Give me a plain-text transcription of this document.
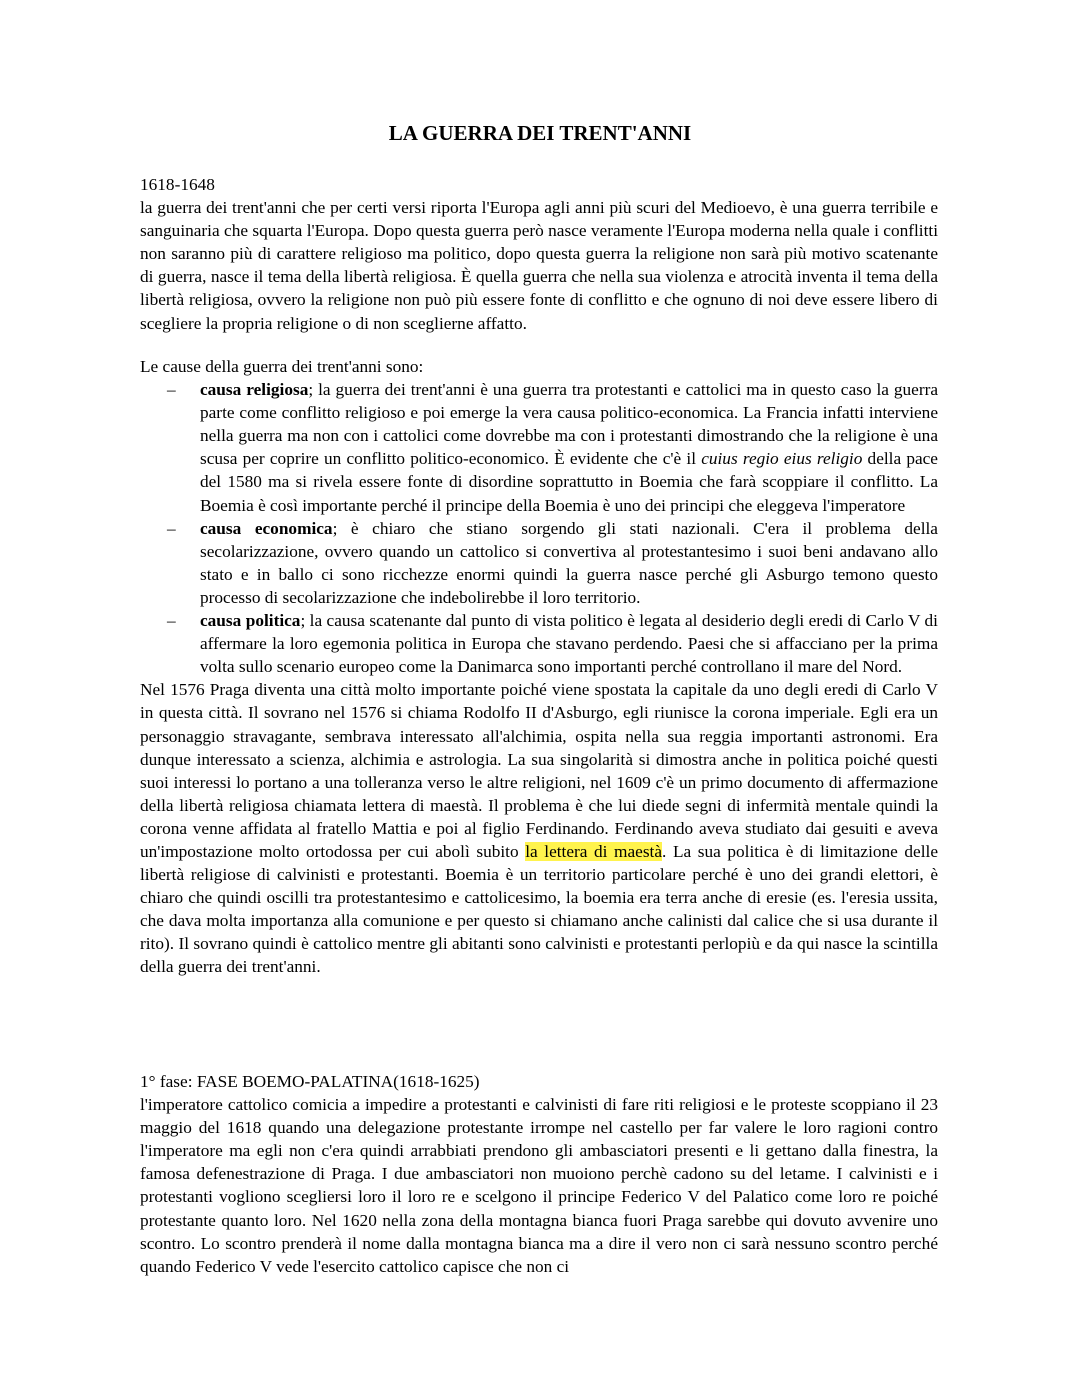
LA GUERRA DEI TRENT'ANNI

1618-1648

la guerra dei trent'anni che per certi versi riporta l'Europa agli anni più scuri del Medioevo, è una guerra terribile e sanguinaria che squarta l'Europa. Dopo questa guerra però nasce veramente l'Europa moderna nella quale i conflitti non saranno più di carattere religioso ma politico, dopo questa guerra la religione non sarà più motivo scatenante di guerra, nasce il tema della libertà religiosa. È quella guerra che nella sua violenza e atrocità inventa il tema della libertà religiosa, ovvero la religione non può più essere fonte di conflitto e che ognuno di noi deve essere libero di scegliere la propria religione o di non sceglierne affatto.

Le cause della guerra dei trent'anni sono:

– causa religiosa; la guerra dei trent'anni è una guerra tra protestanti e cattolici ma in questo caso la guerra parte come conflitto religioso e poi emerge la vera causa politico-economica. La Francia infatti interviene nella guerra ma non con i cattolici come dovrebbe ma con i protestanti dimostrando che la religione è una scusa per coprire un conflitto politico-economico. È evidente che c'è il cuius regio eius religio della pace del 1580 ma si rivela essere fonte di disordine soprattutto in Boemia che farà scoppiare il conflitto. La Boemia è così importante perché il principe della Boemia è uno dei principi che eleggeva l'imperatore
– causa economica; è chiaro che stiano sorgendo gli stati nazionali. C'era il problema della secolarizzazione, ovvero quando un cattolico si convertiva al protestantesimo i suoi beni andavano allo stato e in ballo ci sono ricchezze enormi quindi la guerra nasce perché gli Asburgo temono questo processo di secolarizzazione che indebolirebbe il loro territorio.
– causa politica; la causa scatenante dal punto di vista politico è legata al desiderio degli eredi di Carlo V di affermare la loro egemonia politica in Europa che stavano perdendo. Paesi che si affacciano per la prima volta sullo scenario europeo come la Danimarca sono importanti perché controllano il mare del Nord.

Nel 1576 Praga diventa una città molto importante poiché viene spostata la capitale da uno degli eredi di Carlo V in questa città. Il sovrano nel 1576 si chiama Rodolfo II d'Asburgo, egli riunisce la corona imperiale. Egli era un personaggio stravagante, sembrava interessato all'alchimia, ospita nella sua reggia importanti astronomi. Era dunque interessato a scienza, alchimia e astrologia. La sua singolarità si dimostra anche in politica poiché questi suoi interessi lo portano a una tolleranza verso le altre religioni, nel 1609 c'è un primo documento di affermazione della libertà religiosa chiamata lettera di maestà. Il problema è che lui diede segni di infermità mentale quindi la corona venne affidata al fratello Mattia e poi al figlio Ferdinando. Ferdinando aveva studiato dai gesuiti e aveva un'impostazione molto ortodossa per cui abolì subito la lettera di maestà. La sua politica è di limitazione delle libertà religiose di calvinisti e protestanti. Boemia è un territorio particolare perché è uno dei grandi elettori, è chiaro che quindi oscilli tra protestantesimo e cattolicesimo, la boemia era terra anche di eresie (es. l'eresia ussita, che dava molta importanza alla comunione e per questo si chiamano anche calinisti dal calice che si usa durante il rito). Il sovrano quindi è cattolico mentre gli abitanti sono calvinisti e protestanti perlopiù e da qui nasce la scintilla della guerra dei trent'anni.

1° fase: FASE BOEMO-PALATINA(1618-1625)

l'imperatore cattolico comicia a impedire a protestanti e calvinisti di fare riti religiosi e le proteste scoppiano il 23 maggio del 1618 quando una delegazione protestante irrompe nel castello per far valere le loro ragioni contro l'imperatore ma egli non c'era quindi arrabbiati prendono gli ambasciatori presenti e li gettano dalla finestra, la famosa defenestrazione di Praga. I due ambasciatori non muoiono perchè cadono su del letame. I calvinisti e i protestanti vogliono scegliersi loro il loro re e scelgono il principe Federico V del Palatico come loro re poiché protestante quanto loro. Nel 1620 nella zona della montagna bianca fuori Praga sarebbe qui dovuto avvenire uno scontro. Lo scontro prenderà il nome dalla montagna bianca ma a dire il vero non ci sarà nessuno scontro perché quando Federico V vede l'esercito cattolico capisce che non ci
